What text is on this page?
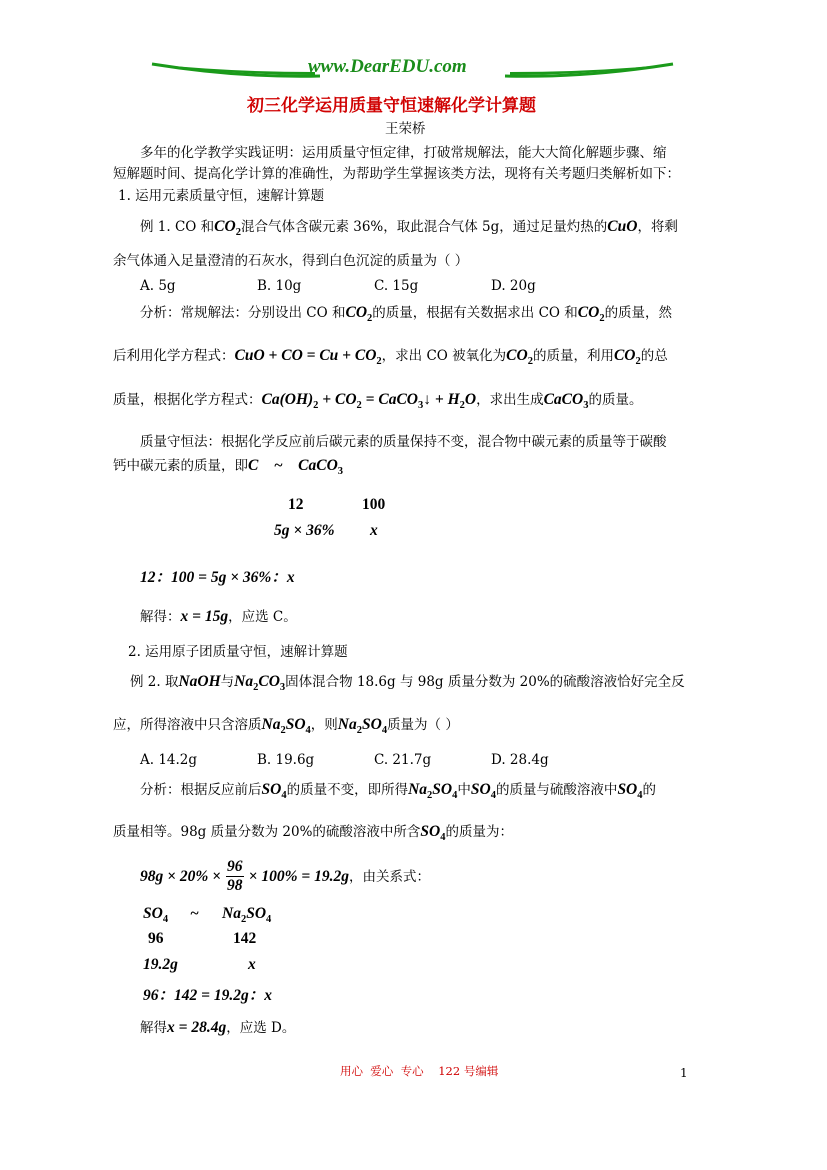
www.DearEDU.com
初三化学运用质量守恒速解化学计算题
王荣桥
多年的化学教学实践证明：运用质量守恒定律，打破常规解法，能大大简化解题步骤、缩
短解题时间、提高化学计算的准确性，为帮助学生掌握该类方法，现将有关考题归类解析如下：
1. 运用元素质量守恒，速解计算题
例 1. CO 和$CO_2$混合气体含碳元素 36%，取此混合气体 5g，通过足量灼热的CuO，将剩
余气体通入足量澄清的石灰水，得到白色沉淀的质量为（ ）
A. 5g	B. 10g	C. 15g	D. 20g
分析：常规解法：分别设出 CO 和$CO_2$的质量，根据有关数据求出 CO 和$CO_2$的质量，然
后利用化学方程式：CuO + CO = $Cu + CO_2$，求出 CO 被氧化为$CO_2$的质量，利用$CO_2$的总
质量，根据化学方程式：$Ca(OH)_2 + CO_2$ = CaCO$_3$↓ + $H_2O$，求出生成CaCO$_3$的质量。
质量守恒法：根据化学反应前后碳元素的质量保持不变，混合物中碳元素的质量等于碳酸
钙中碳元素的质量，即C    ~    CaCO$_3$
12	100
5g × 36% x
12：100 = 5g × 36%：x
解得：x = 15g，应选 C。
2. 运用原子团质量守恒，速解计算题
例 2. 取NaOH与$Na_2CO_3$固体混合物 18.6g 与 98g 质量分数为 20%的硫酸溶液恰好完全反
应，所得溶液中只含溶质$Na_2SO_4$，则$Na_2SO_4$质量为（ ）
A. 14.2g	B. 19.6g	C. 21.7g	D. 28.4g
分析：根据反应前后$SO_4$的质量不变，即所得$Na_2SO_4$中$SO_4$的质量与硫酸溶液中$SO_4$的
质量相等。98g 质量分数为 20%的硫酸溶液中所含$SO_4$的质量为：
$98g \times 20\% \times \frac{96}{98} \times 100\% = 19.2g$，由关系式：
$SO_4$ ~ $Na_2SO_4$
96	142
19.2g	x
96：142 = 19.2g：x
解得x = 28.4g，应选 D。
用心  爱心  专心    122 号编辑	1
